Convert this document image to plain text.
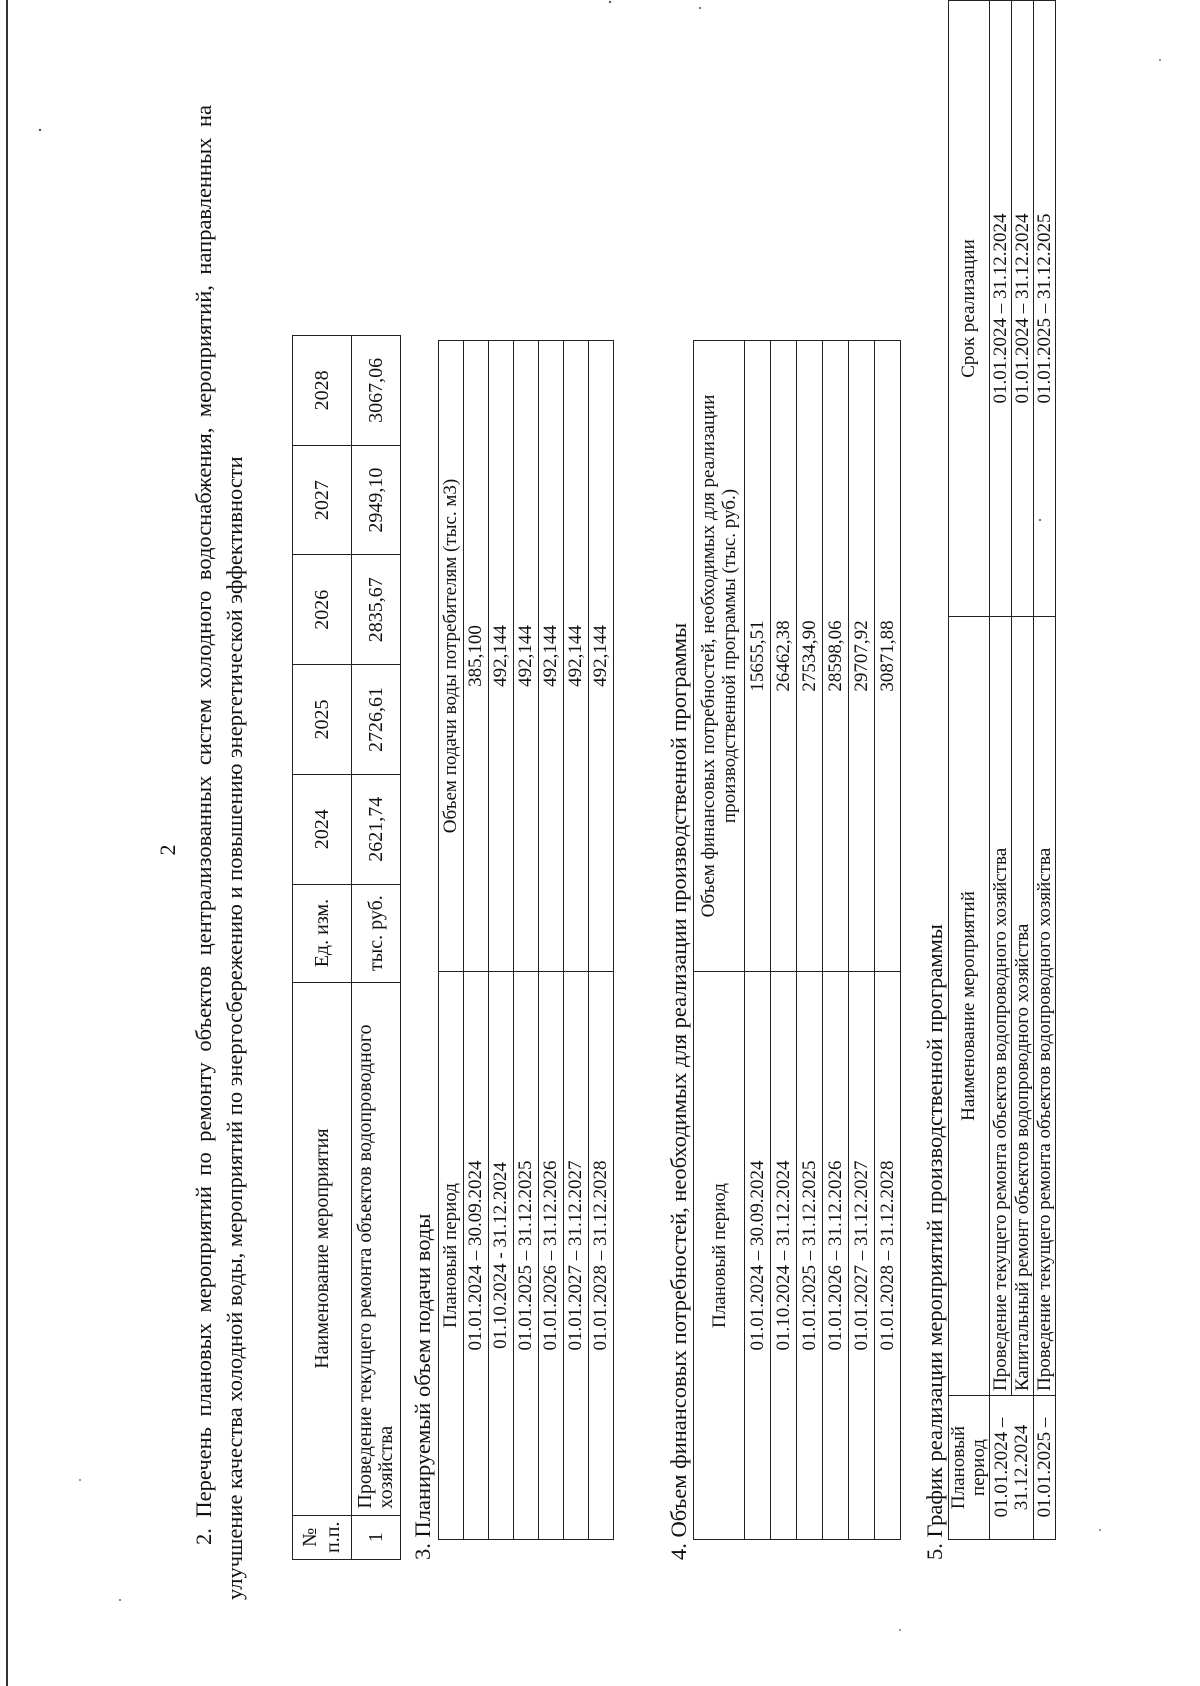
2 2. Перечень плановых мероприятий по ремонту объектов централизованных систем холодного водоснабжения, мероприятий, направленных на улучшение качества холодной воды, мероприятий по энергосбережению и повышению энергетической эффективности	№ п.п.	Наименование мероприятия	Ед. изм.	2024	2025	2026	2027	2028
1	Проведение текущего ремонта объектов водопроводного хозяйства	тыс. руб.	2621,74	2726,61	2835,67	2949,10	3067,06
3. Планируемый объем подачи воды Плановый период	Объем подачи воды потребителям (тыс. м3)
01.01.2024 – 30.09.2024	385,100
01.10.2024 - 31.12.2024	492,144
01.01.2025 – 31.12.2025	492,144
01.01.2026 – 31.12.2026	492,144
01.01.2027 – 31.12.2027	492,144
01.01.2028 – 31.12.2028	492,144 4. Объем финансовых потребностей, необходимых для реализации производственной программы Плановый период	Объем финансовых потребностей, необходимых для реализации производственной программы (тыс. руб.)
01.01.2024 – 30.09.2024	15655,51
01.10.2024 – 31.12.2024	26462,38
01.01.2025 – 31.12.2025	27534,90
01.01.2026 – 31.12.2026	28598,06
01.01.2027 – 31.12.2027	29707,92
01.01.2028 – 31.12.2028	30871,88
5. График реализации мероприятий производственной программы Плановый период	Наименование мероприятий	Срок реализации
01.01.2024 – 31.12.2024	Проведение текущего ремонта объектов водопроводного хозяйства	01.01.2024 – 31.12.2024
	Капитальный ремонт объектов водопроводного хозяйства	01.01.2024 – 31.12.2024
01.01.2025 –	Проведение текущего ремонта объектов водопроводного хозяйства	01.01.2025 – 31.12.2025
